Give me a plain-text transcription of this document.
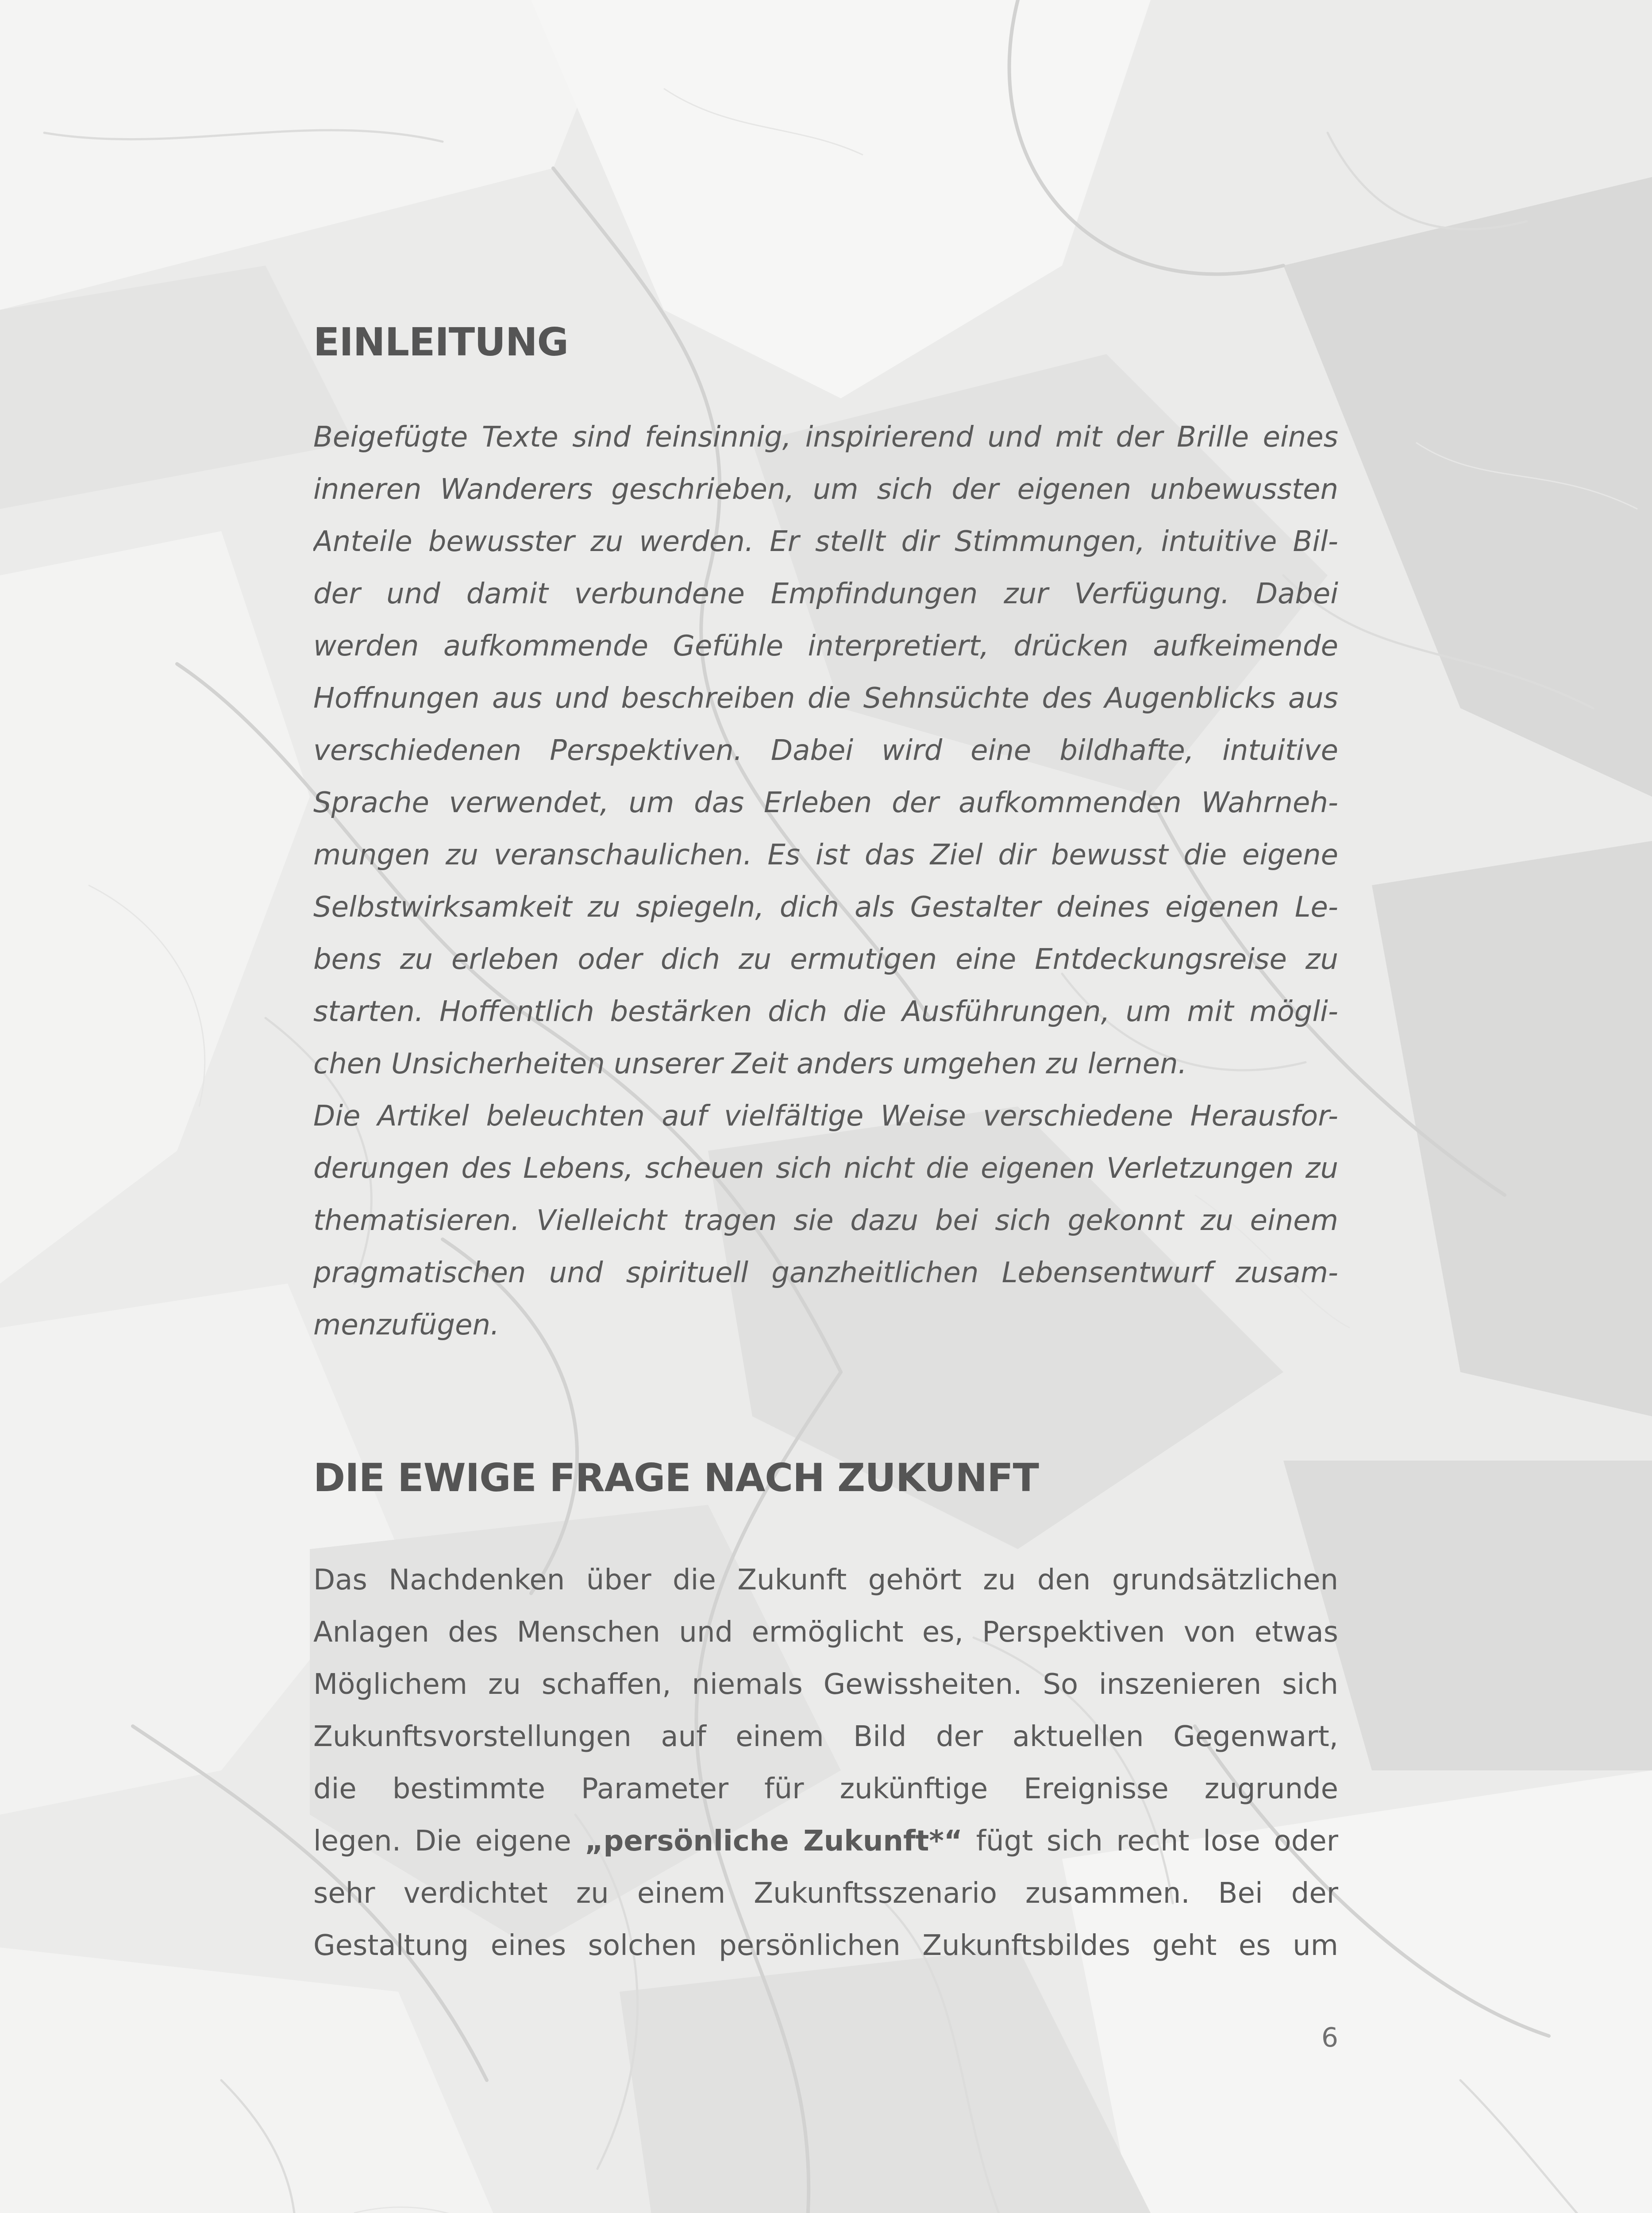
EINLEITUNG
Beigefügte Texte sind feinsinnig, inspirierend und mit der Brille eines
inneren Wanderers geschrieben, um sich der eigenen unbewussten
Anteile bewusster zu werden. Er stellt dir Stimmungen, intuitive Bil-
der und damit verbundene Empfindungen zur Verfügung. Dabei
werden aufkommende Gefühle interpretiert, drücken aufkeimende
Hoffnungen aus und beschreiben die Sehnsüchte des Augenblicks aus
verschiedenen Perspektiven. Dabei wird eine bildhafte, intuitive
Sprache verwendet, um das Erleben der aufkommenden Wahrneh-
mungen zu veranschaulichen. Es ist das Ziel dir bewusst die eigene
Selbstwirksamkeit zu spiegeln, dich als Gestalter deines eigenen Le-
bens zu erleben oder dich zu ermutigen eine Entdeckungsreise zu
starten. Hoffentlich bestärken dich die Ausführungen, um mit mögli-
chen Unsicherheiten unserer Zeit anders umgehen zu lernen.
Die Artikel beleuchten auf vielfältige Weise verschiedene Herausfor-
derungen des Lebens, scheuen sich nicht die eigenen Verletzungen zu
thematisieren. Vielleicht tragen sie dazu bei sich gekonnt zu einem
pragmatischen und spirituell ganzheitlichen Lebensentwurf zusam-
menzufügen.
DIE EWIGE FRAGE NACH ZUKUNFT
Das Nachdenken über die Zukunft gehört zu den grundsätzlichen
Anlagen des Menschen und ermöglicht es, Perspektiven von etwas
Möglichem zu schaffen, niemals Gewissheiten. So inszenieren sich
Zukunftsvorstellungen auf einem Bild der aktuellen Gegenwart,
die bestimmte Parameter für zukünftige Ereignisse zugrunde
legen. Die eigene „persönliche Zukunft*“ fügt sich recht lose oder
sehr verdichtet zu einem Zukunftsszenario zusammen. Bei der
Gestaltung eines solchen persönlichen Zukunftsbildes geht es um
6
